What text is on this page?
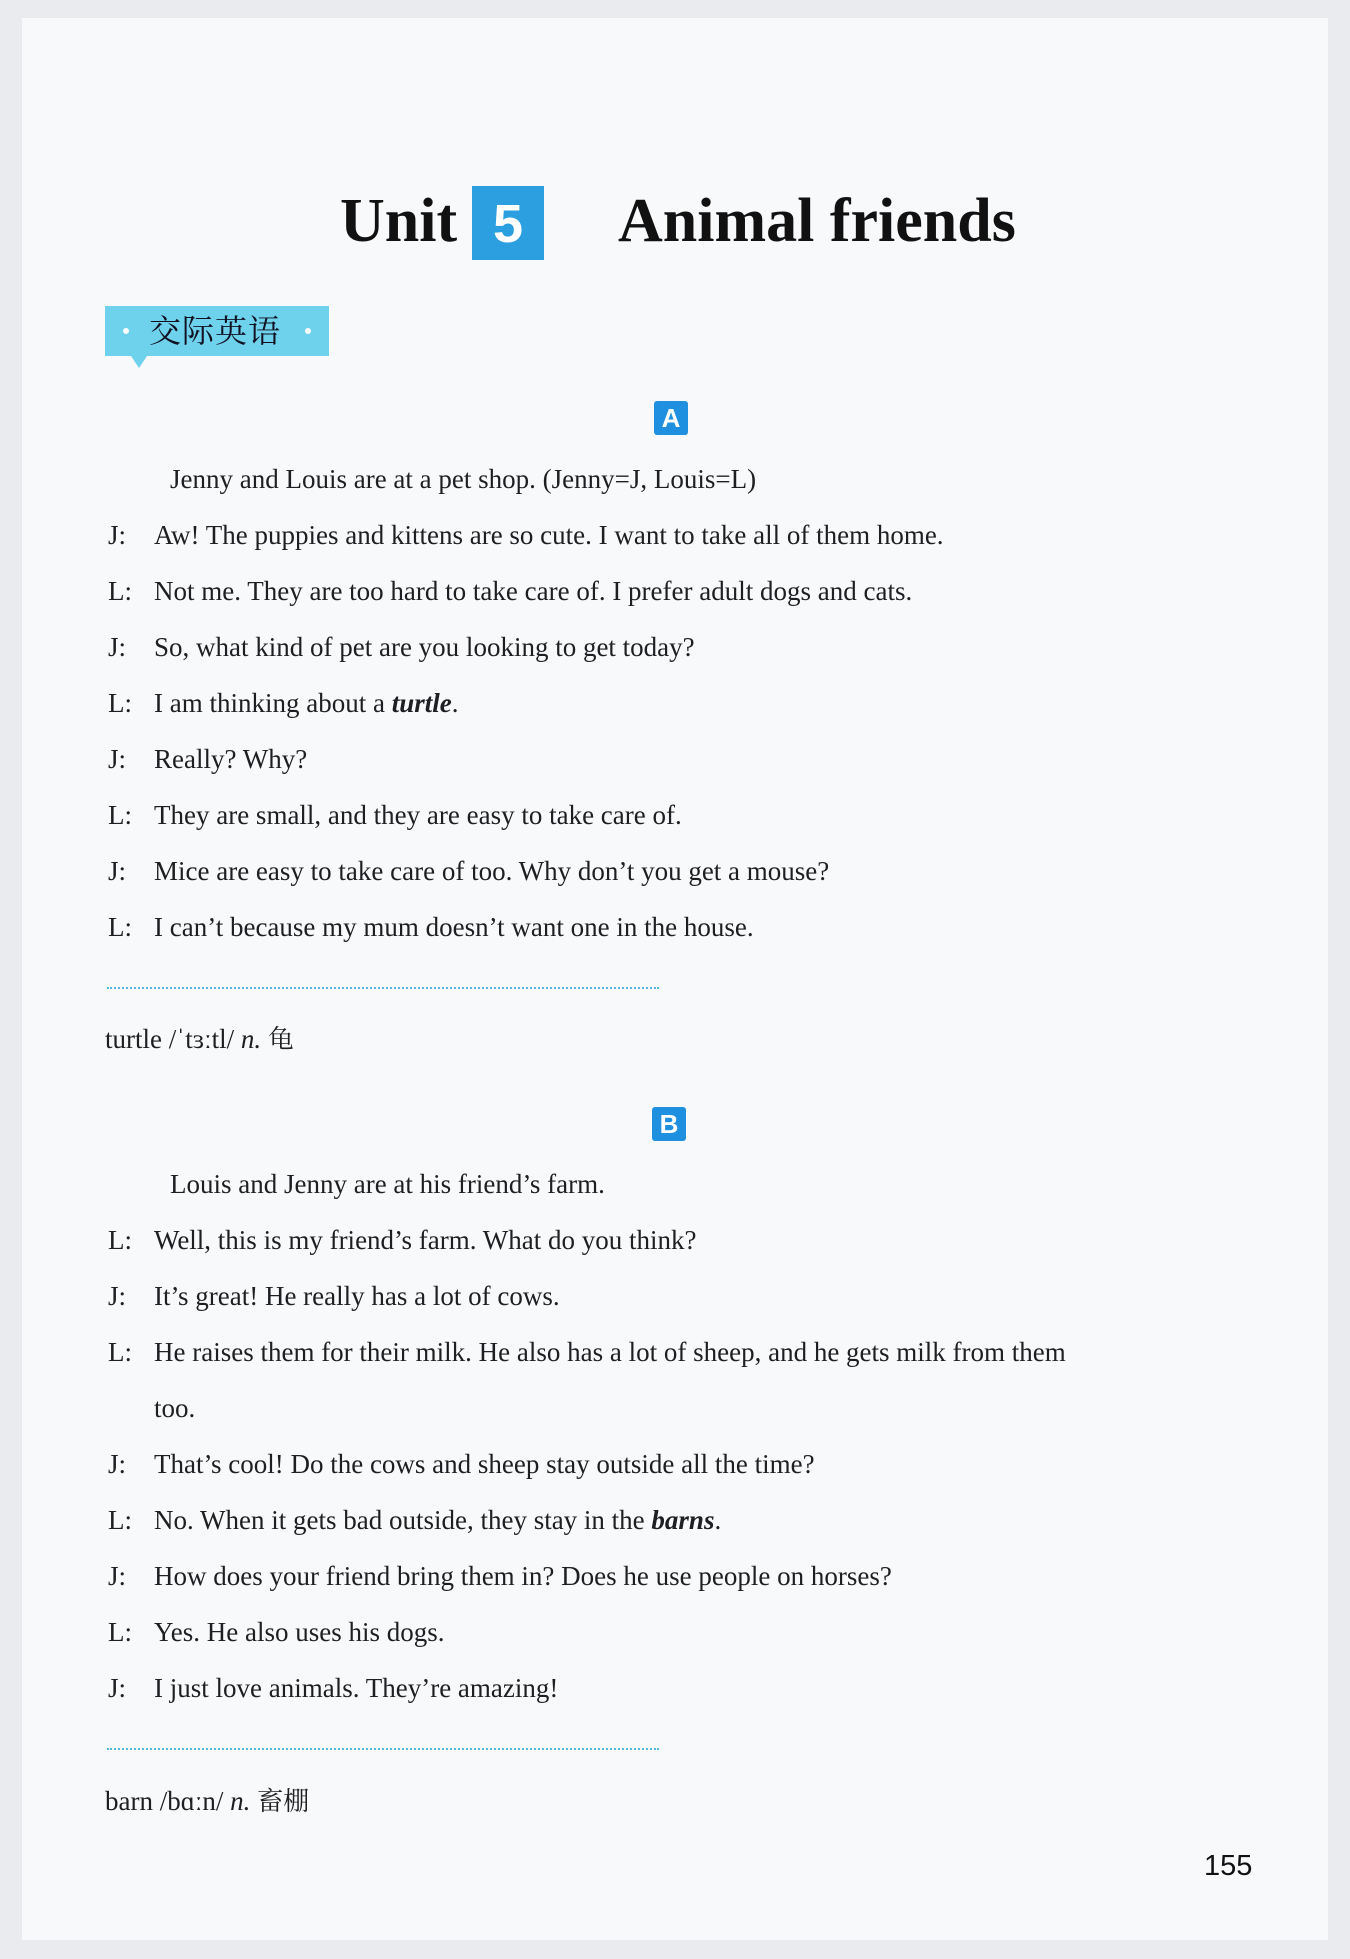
Unit 5	Animal friends
交际英语
A
Jenny and Louis are at a pet shop. (Jenny=J, Louis=L)
J: Aw! The puppies and kittens are so cute. I want to take all of them home.
L: Not me. They are too hard to take care of. I prefer adult dogs and cats.
J: So, what kind of pet are you looking to get today?
L: I am thinking about a turtle.
J: Really? Why?
L: They are small, and they are easy to take care of.
J: Mice are easy to take care of too. Why don’t you get a mouse?
L: I can’t because my mum doesn’t want one in the house.
turtle /ˈtɜːtl/ n. 龟
B
Louis and Jenny are at his friend’s farm.
L: Well, this is my friend’s farm. What do you think?
J: It’s great! He really has a lot of cows.
L: He raises them for their milk. He also has a lot of sheep, and he gets milk from them
too.
J: That’s cool! Do the cows and sheep stay outside all the time?
L: No. When it gets bad outside, they stay in the barns.
J: How does your friend bring them in? Does he use people on horses?
L: Yes. He also uses his dogs.
J: I just love animals. They’re amazing!
barn /bɑːn/ n. 畜棚
155
